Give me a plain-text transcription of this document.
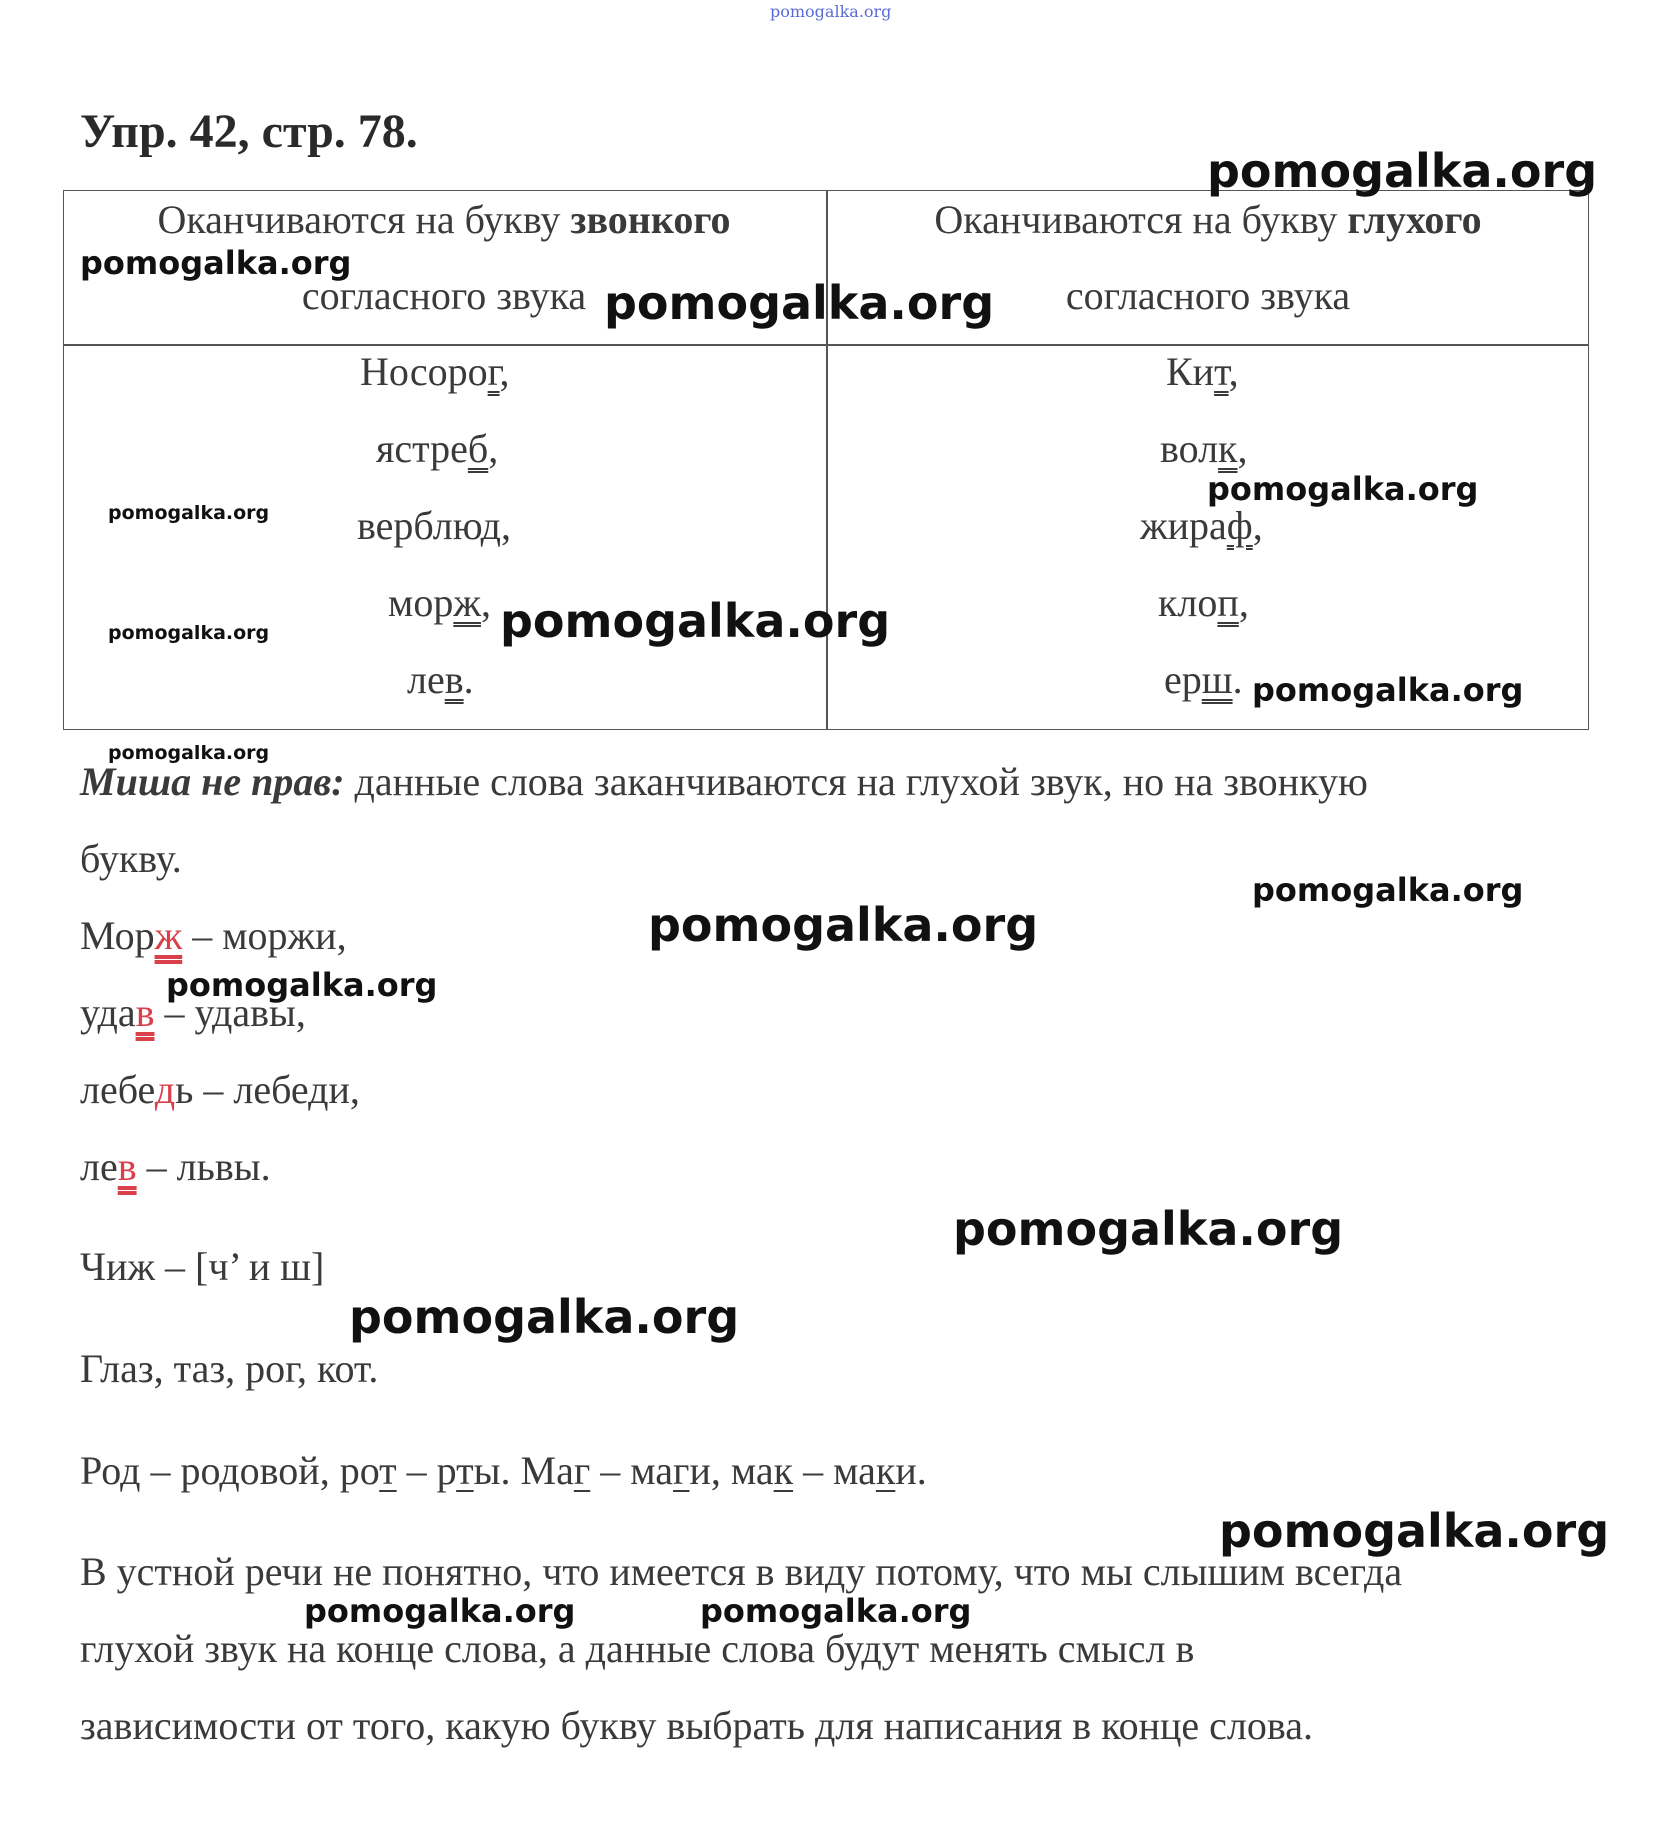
pomogalka.org
Упр. 42, стр. 78.
Оканчиваются на букву звонкого
согласного звука
Оканчиваются на букву глухого
согласного звука
Носорог,
ястреб,
верблюд,
морж,
лев.
Кит,
волк,
жираф,
клоп,
ерш.
Миша не прав: данные слова заканчиваются на глухой звук, но на звонкую
букву.
Морж – моржи,
удав – удавы,
лебедь – лебеди,
лев – львы.
Чиж – [ч’ и ш]
Глаз, таз, рог, кот.
Род – родовой, рот – рты. Маг – маги, мак – маки.
В устной речи не понятно, что имеется в виду потому, что мы слышим всегда
глухой звук на конце слова, а данные слова будут менять смысл в
зависимости от того, какую букву выбрать для написания в конце слова.
pomogalka.org
pomogalka.org
pomogalka.org
pomogalka.org
pomogalka.org
pomogalka.org
pomogalka.org
pomogalka.org
pomogalka.org
pomogalka.org
pomogalka.org
pomogalka.org
pomogalka.org
pomogalka.org
pomogalka.org
pomogalka.org	pomogalka.org
